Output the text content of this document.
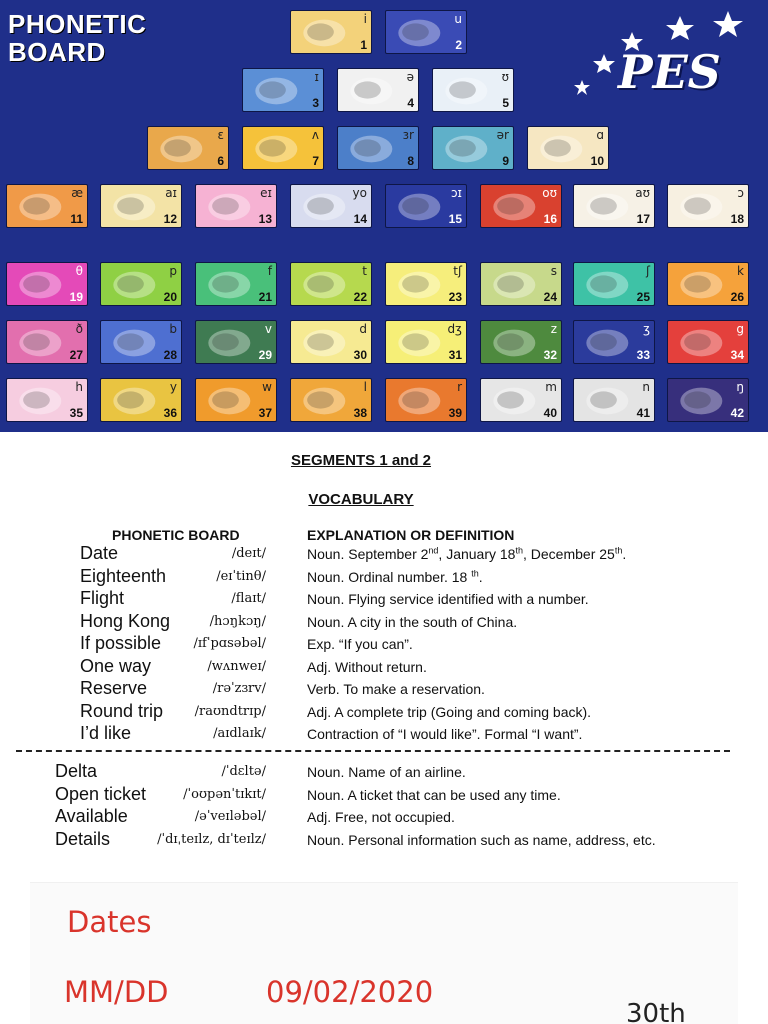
PHONETIC
BOARD	PES
i
1
u
2
ɪ
3
ə
4
ʊ
5
ɛ
6
ʌ
7
ɜr
8
ər
9
ɑ
10
æ
11
aɪ
12
eɪ
13
yo
14
ɔɪ
15
oʊ
16
aʊ
17
ɔ
18
θ
19
p
20
f
21
t
22
tʃ
23
s
24
ʃ
25
k
26
ð
27
b
28
v
29
d
30
dʒ
31
z
32
ʒ
33
g
34
h
35
y
36
w
37
l
38
r
39
m
40
n
41
ŋ
42
SEGMENTS 1 and 2
VOCABULARY
PHONETIC BOARD	EXPLANATION OR DEFINITION
Date	/deɪt/	Noun. September 2nd, January 18th, December 25th.
Eighteenth	/eɪˈtinθ/	Noun. Ordinal number. 18 $^{th}$.
Flight	/flaɪt/	Noun. Flying service identified with a number.
Hong Kong	/hɔŋkɔŋ/	Noun. A city in the south of China.
If possible /ɪfˈpɑsəbəl/	Exp. “If you can”.
One way	/wʌnweɪ/	Adj. Without return.
Reserve	/rəˈzɜrv/	Verb. To make a reservation.
Round trip /raʊndtrɪp/	Adj. A complete trip (Going and coming back).
I’d like	/aɪdlaɪk/	Contraction of “I would like”. Formal “I want”.
Delta	/ˈdɛltə/	Noun. Name of an airline.
Open ticket	/ˈoʊpənˈtɪkɪt/	Noun. A ticket that can be used any time.
Available	/əˈveɪləbəl/	Adj. Free, not occupied.
Details	/ˈdɪˌteɪlz, dɪˈteɪlz/	Noun. Personal information such as name, address, etc.
Dates
MM/DD	09/02/2020
30th
